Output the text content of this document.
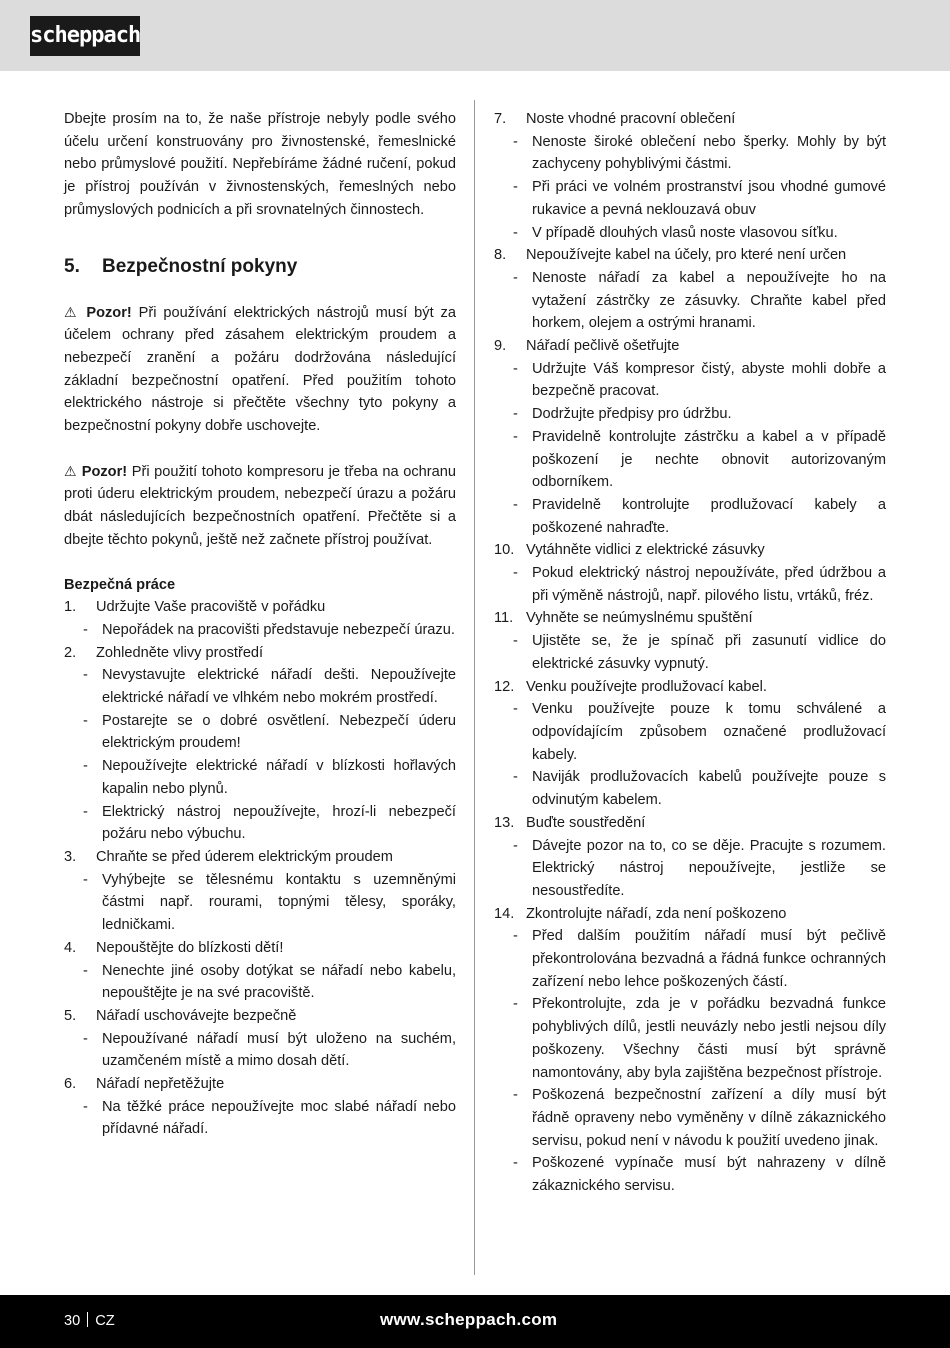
scheppach

Dbejte prosím na to, že naše přístroje nebyly podle svého účelu určení konstruovány pro živnostenské, řemeslnické nebo průmyslové použití. Nepřebíráme žádné ručení, pokud je přístroj používán v živnostenských, řemeslných nebo průmyslových podnicích a při srovnatelných činnostech.

5. Bezpečnostní pokyny

⚠ Pozor! Při používání elektrických nástrojů musí být za účelem ochrany před zásahem elektrickým proudem a nebezpečí zranění a požáru dodržována následující základní bezpečnostní opatření. Před použitím tohoto elektrického nástroje si přečtěte všechny tyto pokyny a bezpečnostní pokyny dobře uschovejte.

⚠ Pozor! Při použití tohoto kompresoru je třeba na ochranu proti úderu elektrickým proudem, nebezpečí úrazu a požáru dbát následujících bezpečnostních opatření. Přečtěte si a dbejte těchto pokynů, ještě než začnete přístroj používat.

Bezpečná práce

1. Udržujte Vaše pracoviště v pořádku
- Nepořádek na pracovišti představuje nebezpečí úrazu.
2. Zohledněte vlivy prostředí
- Nevystavujte elektrické nářadí dešti. Nepoužívejte elektrické nářadí ve vlhkém nebo mokrém prostředí.
- Postarejte se o dobré osvětlení. Nebezpečí úderu elektrickým proudem!
- Nepoužívejte elektrické nářadí v blízkosti hořlavých kapalin nebo plynů.
- Elektrický nástroj nepoužívejte, hrozí-li nebezpečí požáru nebo výbuchu.
3. Chraňte se před úderem elektrickým proudem
- Vyhýbejte se tělesnému kontaktu s uzemněnými částmi např. rourami, topnými tělesy, sporáky, ledničkami.
4. Nepouštějte do blízkosti dětí!
- Nenechte jiné osoby dotýkat se nářadí nebo kabelu, nepouštějte je na své pracoviště.
5. Nářadí uschovávejte bezpečně
- Nepoužívané nářadí musí být uloženo na suchém, uzamčeném místě a mimo dosah dětí.
6. Nářadí nepřetěžujte
- Na těžké práce nepoužívejte moc slabé nářadí nebo přídavné nářadí.
7. Noste vhodné pracovní oblečení
- Nenoste široké oblečení nebo šperky. Mohly by být zachyceny pohyblivými částmi.
- Při práci ve volném prostranství jsou vhodné gumové rukavice a pevná neklouzavá obuv
- V případě dlouhých vlasů noste vlasovou síťku.
8. Nepoužívejte kabel na účely, pro které není určen
- Nenoste nářadí za kabel a nepoužívejte ho na vytažení zástrčky ze zásuvky. Chraňte kabel před horkem, olejem a ostrými hranami.
9. Nářadí pečlivě ošetřujte
- Udržujte Váš kompresor čistý, abyste mohli dobře a bezpečně pracovat.
- Dodržujte předpisy pro údržbu.
- Pravidelně kontrolujte zástrčku a kabel a v případě poškození je nechte obnovit autorizovaným odborníkem.
- Pravidelně kontrolujte prodlužovací kabely a poškozené nahraďte.
10. Vytáhněte vidlici z elektrické zásuvky
- Pokud elektrický nástroj nepoužíváte, před údržbou a při výměně nástrojů, např. pilového listu, vrtáků, fréz.
11. Vyhněte se neúmyslnému spuštění
- Ujistěte se, že je spínač při zasunutí vidlice do elektrické zásuvky vypnutý.
12. Venku používejte prodlužovací kabel.
- Venku používejte pouze k tomu schválené a odpovídajícím způsobem označené prodlužovací kabely.
- Naviják prodlužovacích kabelů používejte pouze s odvinutým kabelem.
13. Buďte soustředění
- Dávejte pozor na to, co se děje. Pracujte s rozumem. Elektrický nástroj nepoužívejte, jestliže se nesoustředíte.
14. Zkontrolujte nářadí, zda není poškozeno
- Před dalším použitím nářadí musí být pečlivě překontrolována bezvadná a řádná funkce ochranných zařízení nebo lehce poškozených částí.
- Překontrolujte, zda je v pořádku bezvadná funkce pohyblivých dílů, jestli neuvázly nebo jestli nejsou díly poškozeny. Všechny části musí být správně namontovány, aby byla zajištěna bezpečnost přístroje.
- Poškozená bezpečnostní zařízení a díly musí být řádně opraveny nebo vyměněny v dílně zákaznického servisu, pokud není v návodu k použití uvedeno jinak.
- Poškozené vypínače musí být nahrazeny v dílně zákaznického servisu.
30 CZ	www.scheppach.com
